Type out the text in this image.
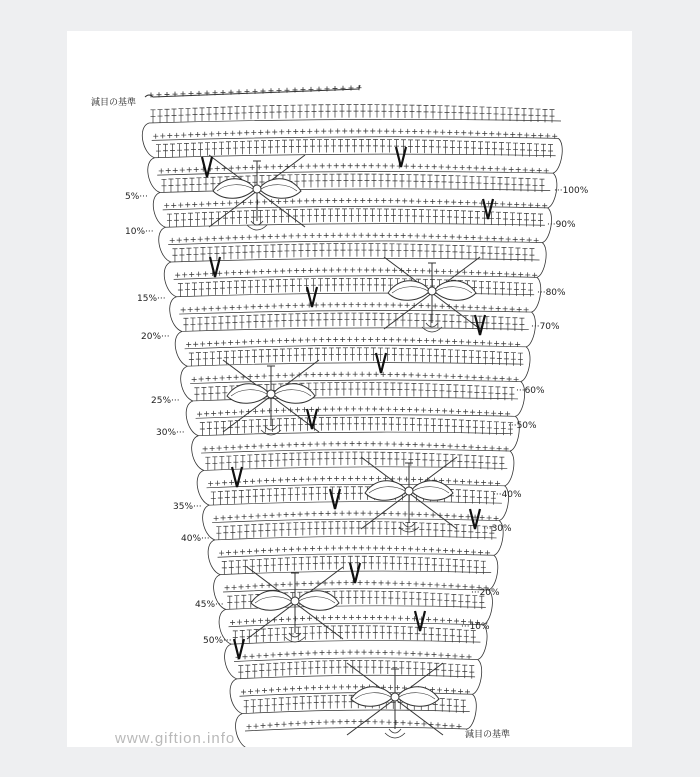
減目の基準
5%···
10%···
15%···
20%···
25%···
30%···
35%···
40%···
45%···
50%···
···100%
···90%
···80%
···70%
···60%
···50%
···40%
···30%
···20%
···10%
www.giftion.info	減目の基準
